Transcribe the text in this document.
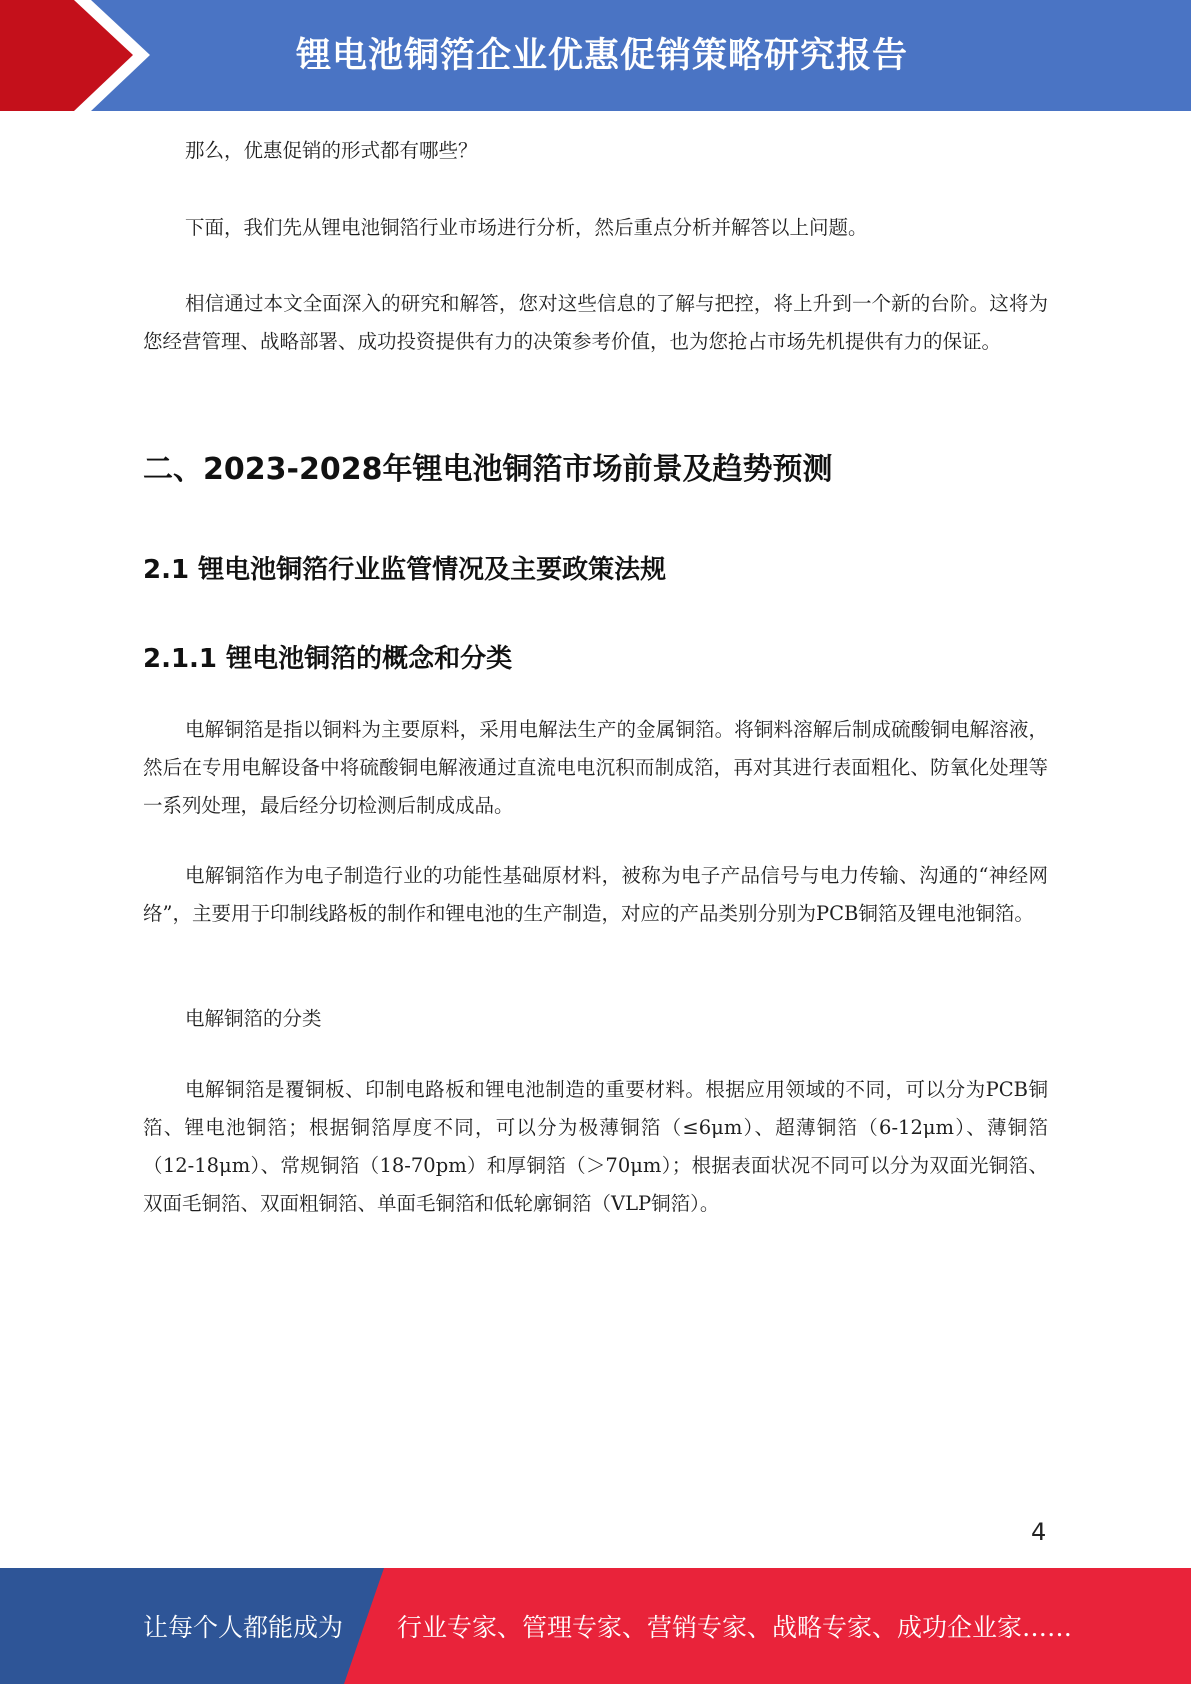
锂电池铜箔企业优惠促销策略研究报告

那么，优惠促销的形式都有哪些？

下面，我们先从锂电池铜箔行业市场进行分析，然后重点分析并解答以上问题。

相信通过本文全面深入的研究和解答，您对这些信息的了解与把控，将上升到一个新的台阶。这将为您经营管理、战略部署、成功投资提供有力的决策参考价值，也为您抢占市场先机提供有力的保证。

二、2023-2028年锂电池铜箔市场前景及趋势预测
2.1 锂电池铜箔行业监管情况及主要政策法规
2.1.1 锂电池铜箔的概念和分类

电解铜箔是指以铜料为主要原料，采用电解法生产的金属铜箔。将铜料溶解后制成硫酸铜电解溶液，然后在专用电解设备中将硫酸铜电解液通过直流电电沉积而制成箔，再对其进行表面粗化、防氧化处理等一系列处理，最后经分切检测后制成成品。

电解铜箔作为电子制造行业的功能性基础原材料，被称为电子产品信号与电力传输、沟通的“神经网络”，主要用于印制线路板的制作和锂电池的生产制造，对应的产品类别分别为PCB铜箔及锂电池铜箔。

电解铜箔的分类

电解铜箔是覆铜板、印制电路板和锂电池制造的重要材料。根据应用领域的不同，可以分为PCB铜箔、锂电池铜箔；根据铜箔厚度不同，可以分为极薄铜箔（≤6μm）、超薄铜箔（6-12μm）、薄铜箔（12-18μm）、常规铜箔（18-70pm）和厚铜箔（＞70μm）；根据表面状况不同可以分为双面光铜箔、双面毛铜箔、双面粗铜箔、单面毛铜箔和低轮廓铜箔（VLP铜箔）。

4
让每个人都能成为 行业专家、管理专家、营销专家、战略专家、成功企业家……
